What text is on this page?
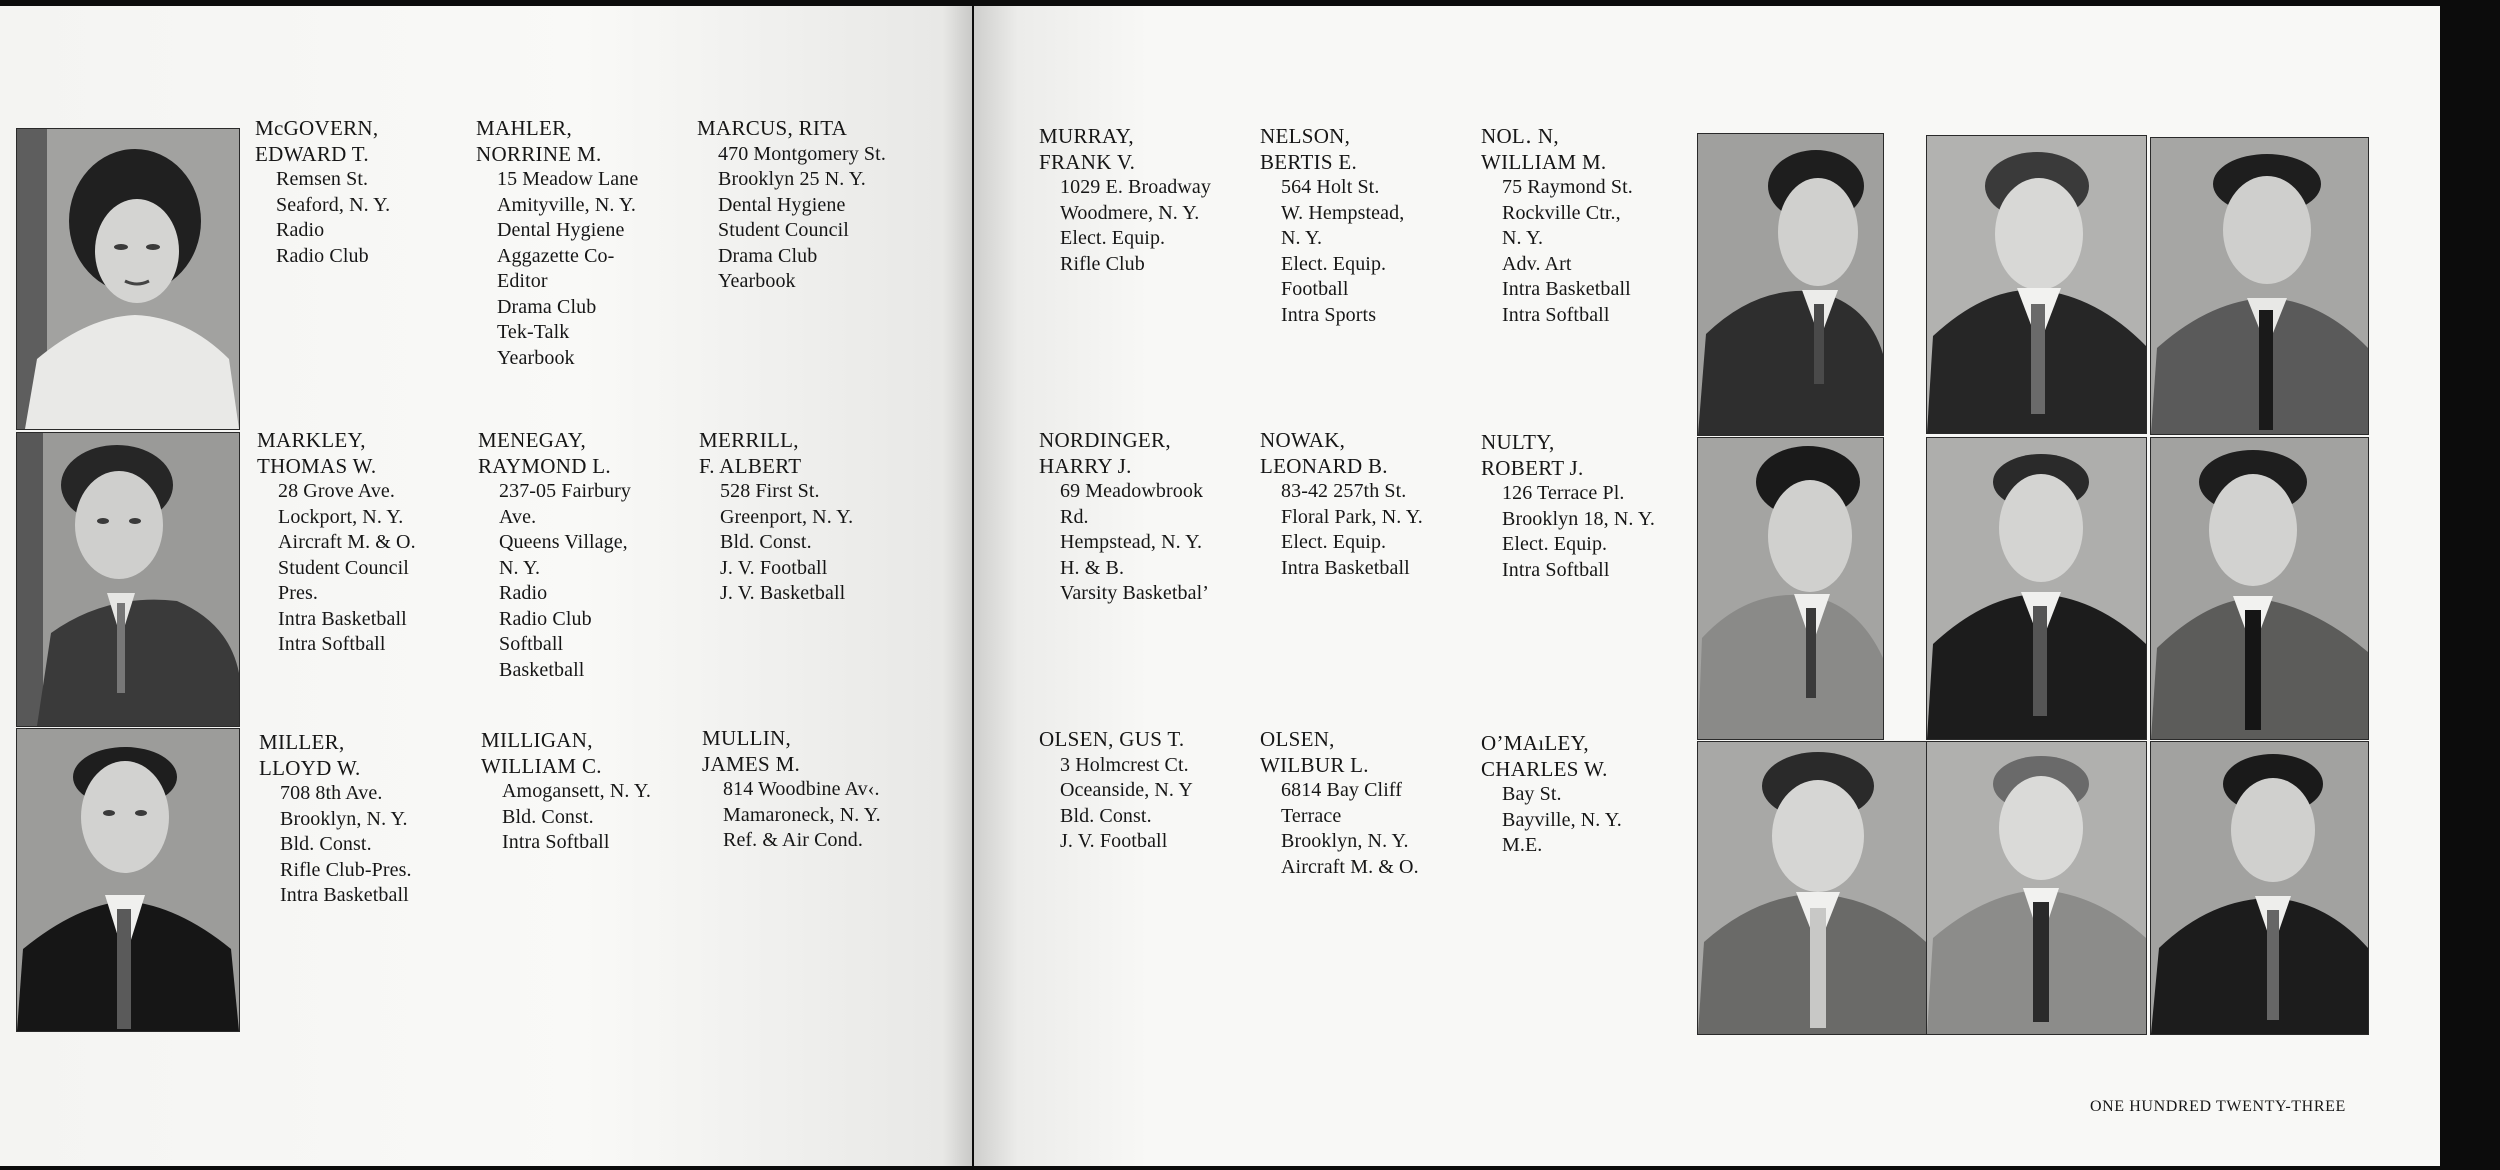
McGOVERN,
EDWARD T.
Remsen St.
Seaford, N. Y.
Radio
Radio Club
MAHLER,
NORRINE M.
15 Meadow Lane
Amityville, N. Y.
Dental Hygiene
Aggazette Co-
Editor
Drama Club
Tek-Talk
Yearbook
MARCUS, RITA
470 Montgomery St.
Brooklyn 25 N. Y.
Dental Hygiene
Student Council
Drama Club
Yearbook
MARKLEY,
THOMAS W.
28 Grove Ave.
Lockport, N. Y.
Aircraft M. & O.
Student Council
Pres.
Intra Basketball
Intra Softball
MENEGAY,
RAYMOND L.
237-05 Fairbury
Ave.
Queens Village,
N. Y.
Radio
Radio Club
Softball
Basketball
MERRILL,
F. ALBERT
528 First St.
Greenport, N. Y.
Bld. Const.
J. V. Football
J. V. Basketball
MILLER,
LLOYD W.
708 8th Ave.
Brooklyn, N. Y.
Bld. Const.
Rifle Club-Pres.
Intra Basketball
MILLIGAN,
WILLIAM C.
Amogansett, N. Y.
Bld. Const.
Intra Softball
MULLIN,
JAMES M.
814 Woodbine Av‹.
Mamaroneck, N. Y.
Ref. & Air Cond.
MURRAY,
FRANK V.
1029 E. Broadway
Woodmere, N. Y.
Elect. Equip.
Rifle Club
NELSON,
BERTIS E.
564 Holt St.
W. Hempstead,
N. Y.
Elect. Equip.
Football
Intra Sports
NOL․ N,
WILLIAM M.
75 Raymond St.
Rockville Ctr.,
N. Y.
Adv. Art
Intra Basketball
Intra Softball
NORDINGER,
HARRY J.
69 Meadowbrook
Rd.
Hempstead, N. Y.
H. & B.
Varsity Basketbal’
NOWAK,
LEONARD B.
83-42 257th St.
Floral Park, N. Y.
Elect. Equip.
Intra Basketball
NULTY,
ROBERT J.
126 Terrace Pl.
Brooklyn 18, N. Y.
Elect. Equip.
Intra Softball
OLSEN, GUS T.
3 Holmcrest Ct.
Oceanside, N. Y
Bld. Const.
J. V. Football
OLSEN,
WILBUR L.
6814 Bay Cliff
Terrace
Brooklyn, N. Y.
Aircraft M. & O.
O’MAıLEY,
CHARLES W.
Bay St.
Bayville, N. Y.
M.E.
ONE HUNDRED TWENTY-THREE
